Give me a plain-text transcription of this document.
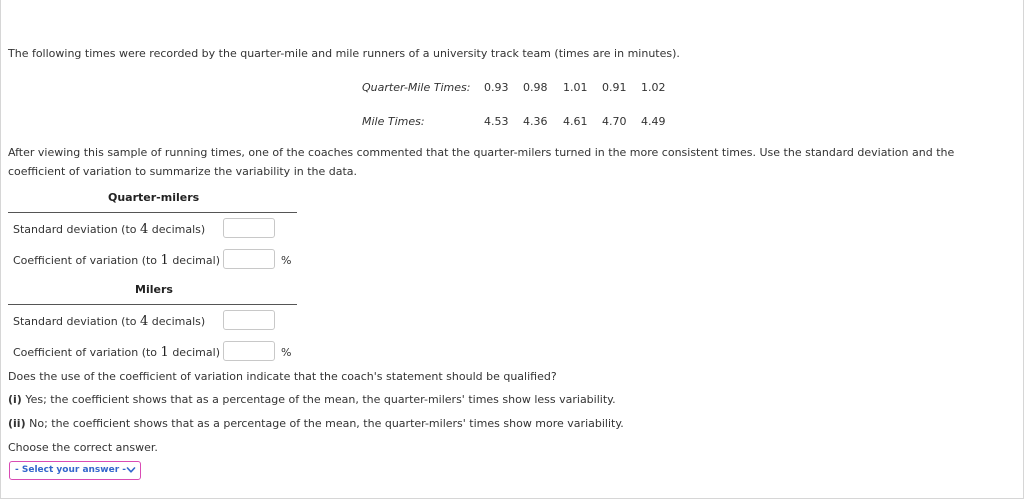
The following times were recorded by the quarter-mile and mile runners of a university track team (times are in minutes).
Quarter-Mile Times: 0.93 0.98 1.01 0.91 1.02
Mile Times:	4.53 4.36 4.61 4.70 4.49
After viewing this sample of running times, one of the coaches commented that the quarter-milers turned in the more consistent times. Use the standard deviation and the coefficient of variation to summarize the variability in the data.
Quarter-milers
Standard deviation (to 4 decimals)
Coefficient of variation (to 1 decimal)	%
Milers
Standard deviation (to 4 decimals)
Coefficient of variation (to 1 decimal)	%
Does the use of the coefficient of variation indicate that the coach's statement should be qualified?
(i) Yes; the coefficient shows that as a percentage of the mean, the quarter-milers' times show less variability.
(ii) No; the coefficient shows that as a percentage of the mean, the quarter-milers' times show more variability.
Choose the correct answer.
- Select your answer -
